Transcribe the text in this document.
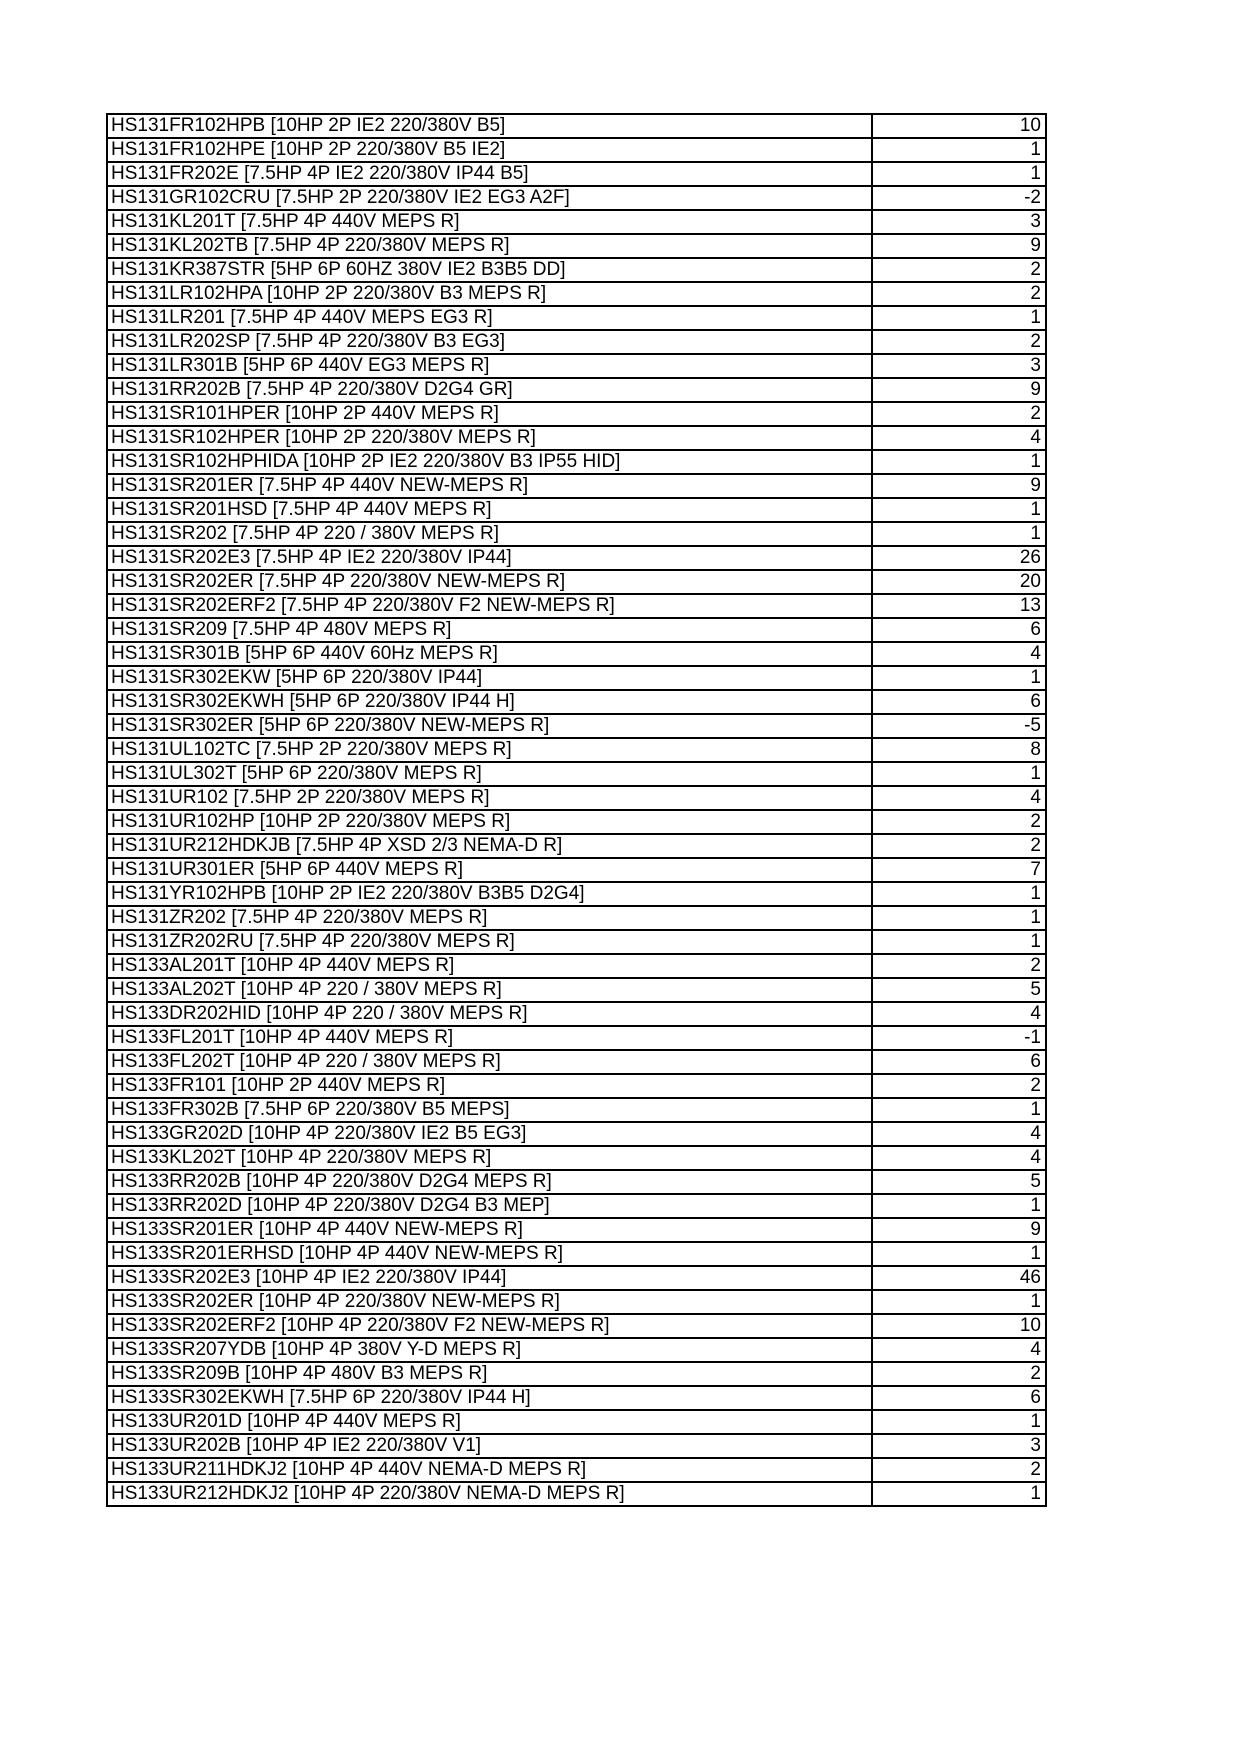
HS131FR102HPB [10HP 2P IE2 220/380V B5]	10
HS131FR102HPE [10HP 2P 220/380V B5 IE2]	1
HS131FR202E [7.5HP 4P IE2 220/380V IP44 B5]	1
HS131GR102CRU [7.5HP 2P 220/380V IE2 EG3 A2F]	-2
HS131KL201T [7.5HP 4P 440V MEPS R]	3
HS131KL202TB [7.5HP 4P 220/380V MEPS R]	9
HS131KR387STR [5HP 6P 60HZ 380V IE2 B3B5 DD]	2
HS131LR102HPA [10HP 2P 220/380V B3 MEPS R]	2
HS131LR201 [7.5HP 4P 440V MEPS EG3 R]	1
HS131LR202SP [7.5HP 4P 220/380V B3 EG3]	2
HS131LR301B [5HP 6P 440V EG3 MEPS R]	3
HS131RR202B [7.5HP 4P 220/380V D2G4 GR]	9
HS131SR101HPER [10HP 2P 440V MEPS R]	2
HS131SR102HPER [10HP 2P 220/380V MEPS R]	4
HS131SR102HPHIDA [10HP 2P IE2 220/380V B3 IP55 HID]	1
HS131SR201ER [7.5HP 4P 440V NEW-MEPS R]	9
HS131SR201HSD [7.5HP 4P 440V MEPS R]	1
HS131SR202 [7.5HP 4P 220 / 380V MEPS R]	1
HS131SR202E3 [7.5HP 4P IE2 220/380V IP44]	26
HS131SR202ER [7.5HP 4P 220/380V NEW-MEPS R]	20
HS131SR202ERF2 [7.5HP 4P 220/380V F2 NEW-MEPS R]	13
HS131SR209 [7.5HP 4P 480V MEPS R]	6
HS131SR301B [5HP 6P 440V 60Hz MEPS R]	4
HS131SR302EKW [5HP 6P 220/380V IP44]	1
HS131SR302EKWH [5HP 6P 220/380V IP44 H]	6
HS131SR302ER [5HP 6P 220/380V NEW-MEPS R]	-5
HS131UL102TC [7.5HP 2P 220/380V MEPS R]	8
HS131UL302T [5HP 6P 220/380V MEPS R]	1
HS131UR102 [7.5HP 2P 220/380V MEPS R]	4
HS131UR102HP [10HP 2P 220/380V MEPS R]	2
HS131UR212HDKJB [7.5HP 4P XSD 2/3 NEMA-D R]	2
HS131UR301ER [5HP 6P 440V MEPS R]	7
HS131YR102HPB [10HP 2P IE2 220/380V B3B5 D2G4]	1
HS131ZR202 [7.5HP 4P 220/380V MEPS R]	1
HS131ZR202RU [7.5HP 4P 220/380V MEPS R]	1
HS133AL201T [10HP 4P 440V MEPS R]	2
HS133AL202T [10HP 4P 220 / 380V MEPS R]	5
HS133DR202HID [10HP 4P 220 / 380V MEPS R]	4
HS133FL201T [10HP 4P 440V MEPS R]	-1
HS133FL202T [10HP 4P 220 / 380V MEPS R]	6
HS133FR101 [10HP 2P 440V MEPS R]	2
HS133FR302B [7.5HP 6P 220/380V B5 MEPS]	1
HS133GR202D [10HP 4P 220/380V IE2 B5 EG3]	4
HS133KL202T [10HP 4P 220/380V MEPS R]	4
HS133RR202B [10HP 4P 220/380V D2G4 MEPS R]	5
HS133RR202D [10HP 4P 220/380V D2G4 B3 MEP]	1
HS133SR201ER [10HP 4P 440V NEW-MEPS R]	9
HS133SR201ERHSD [10HP 4P 440V NEW-MEPS R]	1
HS133SR202E3 [10HP 4P IE2 220/380V IP44]	46
HS133SR202ER [10HP 4P 220/380V NEW-MEPS R]	1
HS133SR202ERF2 [10HP 4P 220/380V F2 NEW-MEPS R]	10
HS133SR207YDB [10HP 4P 380V Y-D MEPS R]	4
HS133SR209B [10HP 4P 480V B3 MEPS R]	2
HS133SR302EKWH [7.5HP 6P 220/380V IP44 H]	6
HS133UR201D [10HP 4P 440V MEPS R]	1
HS133UR202B [10HP 4P IE2 220/380V V1]	3
HS133UR211HDKJ2 [10HP 4P 440V NEMA-D MEPS R]	2
HS133UR212HDKJ2 [10HP 4P 220/380V NEMA-D MEPS R]	1
